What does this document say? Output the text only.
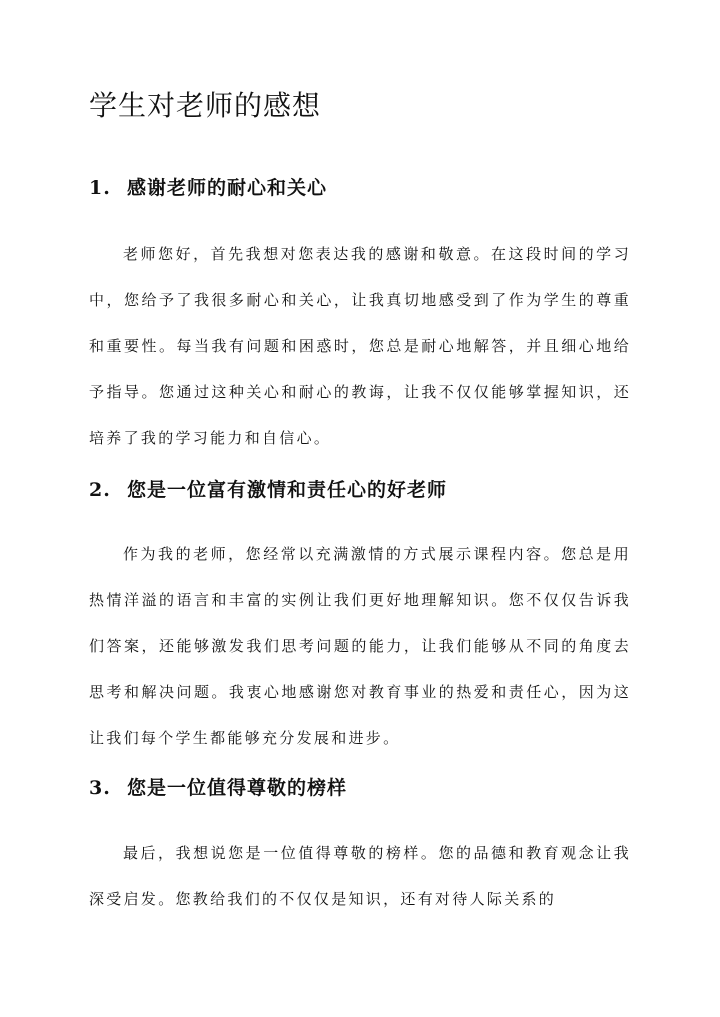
学生对老师的感想
1. 感谢老师的耐心和关心

老师您好，首先我想对您表达我的感谢和敬意。在这段时间的学习中，您给予了我很多耐心和关心，让我真切地感受到了作为学生的尊重和重要性。每当我有问题和困惑时，您总是耐心地解答，并且细心地给予指导。您通过这种关心和耐心的教诲，让我不仅仅能够掌握知识，还培养了我的学习能力和自信心。

2. 您是一位富有激情和责任心的好老师

作为我的老师，您经常以充满激情的方式展示课程内容。您总是用热情洋溢的语言和丰富的实例让我们更好地理解知识。您不仅仅告诉我们答案，还能够激发我们思考问题的能力，让我们能够从不同的角度去思考和解决问题。我衷心地感谢您对教育事业的热爱和责任心，因为这让我们每个学生都能够充分发展和进步。

3. 您是一位值得尊敬的榜样

最后，我想说您是一位值得尊敬的榜样。您的品德和教育观念让我深受启发。您教给我们的不仅仅是知识，还有对待人际关系的
